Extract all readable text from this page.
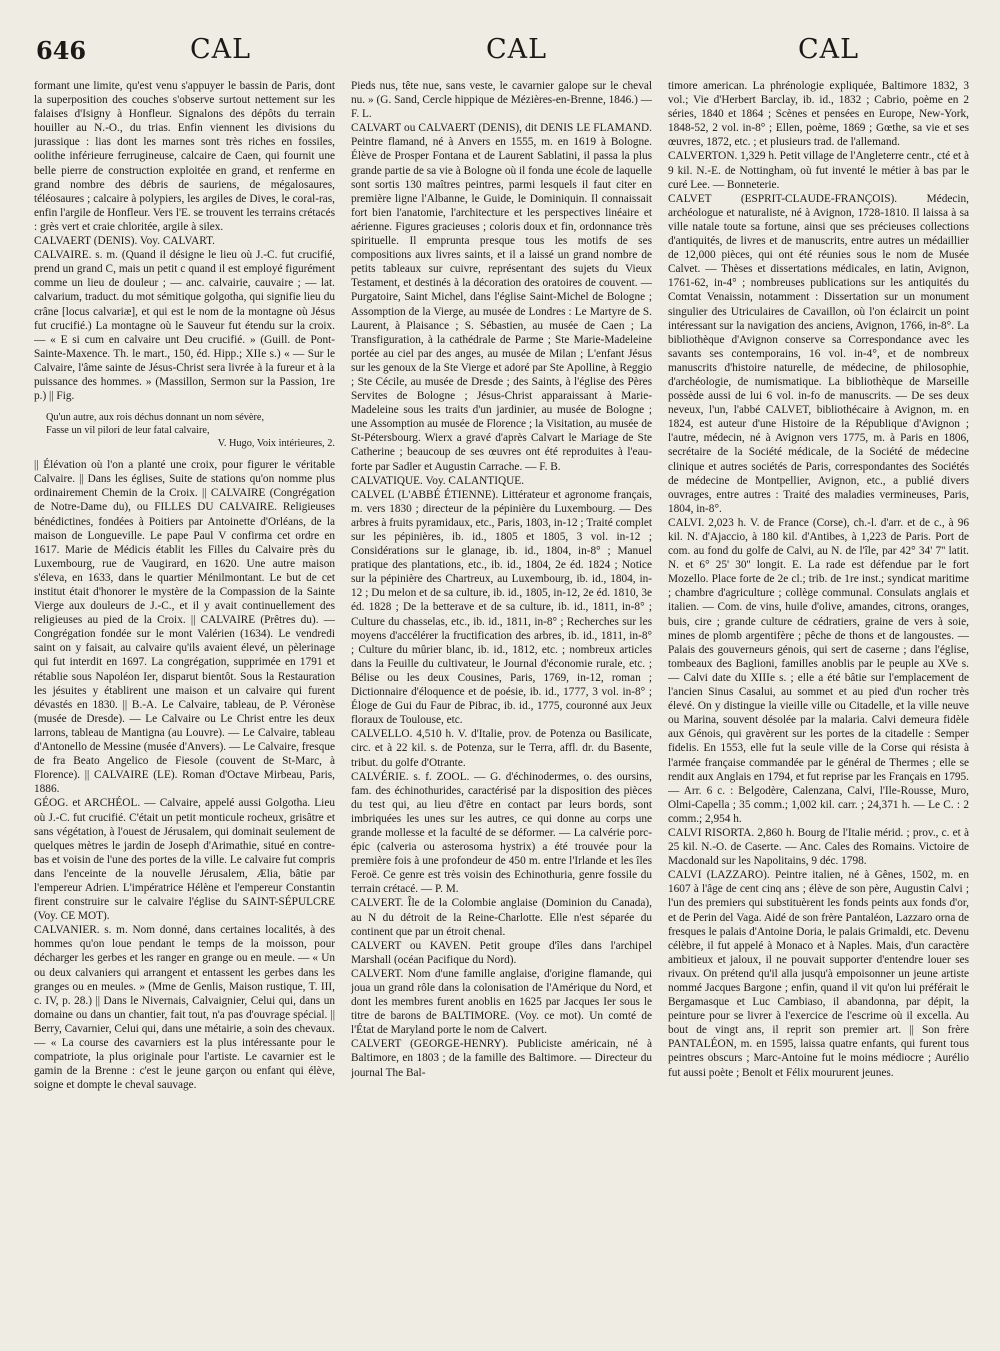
646	CAL	CAL	CAL

formant une limite, qu'est venu s'appuyer le bassin de Paris, dont la superposition des couches s'observe surtout nettement sur les falaises d'Isigny à Honfleur. Signalons des dépôts du terrain houiller au N.-O., du trias. Enfin viennent les divisions du jurassique : lias dont les marnes sont très riches en fossiles, oolithe inférieure ferrugineuse, calcaire de Caen, qui fournit une belle pierre de construction exploitée en grand, et renferme en grand nombre des débris de sauriens, de mégalosaures, téléosaures ; calcaire à polypiers, les argiles de Dives, le coral-ras, enfin l'argile de Honfleur. Vers l'E. se trouvent les terrains crétacés : grès vert et craie chloritée, argile à silex.

CALVAERT (DENIS). Voy. CALVART.

CALVAIRE. s. m. (Quand il désigne le lieu où J.-C. fut crucifié, prend un grand C, mais un petit c quand il est employé figurément comme un lieu de douleur ; — anc. calvairie, cauvaire ; — lat. calvarium, traduct. du mot sémitique golgotha, qui signifie lieu du crâne [locus calvariæ], et qui est le nom de la montagne où Jésus fut crucifié.) La montagne où le Sauveur fut étendu sur la croix. — « E si cum en calvaire unt Deu crucifié. » (Guill. de Pont-Sainte-Maxence. Th. le mart., 150, éd. Hipp.; XIIe s.) « — Sur le Calvaire, l'âme sainte de Jésus-Christ sera livrée à la fureur et à la puissance des hommes. » (Massillon, Sermon sur la Passion, 1re p.) || Fig.

Qu'un autre, aux rois déchus donnant un nom sévère,
Fasse un vil pilori de leur fatal calvaire,

V. Hugo, Voix intérieures, 2.

|| Élévation où l'on a planté une croix, pour figurer le véritable Calvaire. || Dans les églises, Suite de stations qu'on nomme plus ordinairement Chemin de la Croix. || CALVAIRE (Congrégation de Notre-Dame du), ou FILLES DU CALVAIRE. Religieuses bénédictines, fondées à Poitiers par Antoinette d'Orléans, de la maison de Longueville. Le pape Paul V confirma cet ordre en 1617. Marie de Médicis établit les Filles du Calvaire près du Luxembourg, rue de Vaugirard, en 1620. Une autre maison s'éleva, en 1633, dans le quartier Ménilmontant. Le but de cet institut était d'honorer le mystère de la Compassion de la Sainte Vierge aux douleurs de J.-C., et il y avait continuellement des religieuses au pied de la Croix. || CALVAIRE (Prêtres du). — Congrégation fondée sur le mont Valérien (1634). Le vendredi saint on y faisait, au calvaire qu'ils avaient élevé, un pèlerinage qui fut interdit en 1697. La congrégation, supprimée en 1791 et rétablie sous Napoléon Ier, disparut bientôt. Sous la Restauration les jésuites y établirent une maison et un calvaire qui furent dévastés en 1830. || B.-A. Le Calvaire, tableau, de P. Véronèse (musée de Dresde). — Le Calvaire ou Le Christ entre les deux larrons, tableau de Mantigna (au Louvre). — Le Calvaire, tableau d'Antonello de Messine (musée d'Anvers). — Le Calvaire, fresque de fra Beato Angelico de Fiesole (couvent de St-Marc, à Florence). || CALVAIRE (LE). Roman d'Octave Mirbeau, Paris, 1886.

GÉOG. et ARCHÉOL. — Calvaire, appelé aussi Golgotha. Lieu où J.-C. fut crucifié. C'était un petit monticule rocheux, grisâtre et sans végétation, à l'ouest de Jérusalem, qui dominait seulement de quelques mètres le jardin de Joseph d'Arimathie, situé en contre-bas et voisin de l'une des portes de la ville. Le calvaire fut compris dans l'enceinte de la nouvelle Jérusalem, Ælia, bâtie par l'empereur Adrien. L'impératrice Hélène et l'empereur Constantin firent construire sur le calvaire l'église du SAINT-SÉPULCRE (Voy. CE MOT).

CALVANIER. s. m. Nom donné, dans certaines localités, à des hommes qu'on loue pendant le temps de la moisson, pour décharger les gerbes et les ranger en grange ou en meule. — « Un ou deux calvaniers qui arrangent et entassent les gerbes dans les granges ou en meules. » (Mme de Genlis, Maison rustique, T. III, c. IV, p. 28.) || Dans le Nivernais, Calvaignier, Celui qui, dans un domaine ou dans un chantier, fait tout, n'a pas d'ouvrage spécial. || Berry, Cavarnier, Celui qui, dans une métairie, a soin des chevaux. — « La course des cavarniers est la plus intéressante pour le compatriote, la plus originale pour l'artiste. Le cavarnier est le gamin de la Brenne : c'est le jeune garçon ou enfant qui élève, soigne et dompte le cheval sauvage.

Pieds nus, tête nue, sans veste, le cavarnier galope sur le cheval nu. » (G. Sand, Cercle hippique de Mézières-en-Brenne, 1846.) — F. L.

CALVART ou CALVAERT (DENIS), dit DENIS LE FLAMAND. Peintre flamand, né à Anvers en 1555, m. en 1619 à Bologne. Élève de Prosper Fontana et de Laurent Sablatini, il passa la plus grande partie de sa vie à Bologne où il fonda une école de laquelle sont sortis 130 maîtres peintres, parmi lesquels il faut citer en première ligne l'Albanne, le Guide, le Dominiquin. Il connaissait fort bien l'anatomie, l'architecture et les perspectives linéaire et aérienne. Figures gracieuses ; coloris doux et fin, ordonnance très spirituelle. Il emprunta presque tous les motifs de ses compositions aux livres saints, et il a laissé un grand nombre de petits tableaux sur cuivre, représentant des sujets du Vieux Testament, et destinés à la décoration des oratoires de couvent. — Purgatoire, Saint Michel, dans l'église Saint-Michel de Bologne ; Assomption de la Vierge, au musée de Londres : Le Martyre de S. Laurent, à Plaisance ; S. Sébastien, au musée de Caen ; La Transfiguration, à la cathédrale de Parme ; Ste Marie-Madeleine portée au ciel par des anges, au musée de Milan ; L'enfant Jésus sur les genoux de la Ste Vierge et adoré par Ste Apolline, à Reggio ; Ste Cécile, au musée de Dresde ; des Saints, à l'église des Pères Servites de Bologne ; Jésus-Christ apparaissant à Marie-Madeleine sous les traits d'un jardinier, au musée de Bologne ; une Assomption au musée de Florence ; la Visitation, au musée de St-Pétersbourg. Wierx a gravé d'après Calvart le Mariage de Ste Catherine ; beaucoup de ses œuvres ont été reproduites à l'eau-forte par Sadler et Augustin Carrache. — F. B.

CALVATIQUE. Voy. CALANTIQUE.

CALVEL (L'ABBÉ ÉTIENNE). Littérateur et agronome français, m. vers 1830 ; directeur de la pépinière du Luxembourg. — Des arbres à fruits pyramidaux, etc., Paris, 1803, in-12 ; Traité complet sur les pépinières, ib. id., 1805 et 1805, 3 vol. in-12 ; Considérations sur le glanage, ib. id., 1804, in-8° ; Manuel pratique des plantations, etc., ib. id., 1804, 2e éd. 1824 ; Notice sur la pépinière des Chartreux, au Luxembourg, ib. id., 1804, in-12 ; Du melon et de sa culture, ib. id., 1805, in-12, 2e éd. 1810, 3e éd. 1828 ; De la betterave et de sa culture, ib. id., 1811, in-8° ; Culture du chasselas, etc., ib. id., 1811, in-8° ; Recherches sur les moyens d'accélérer la fructification des arbres, ib. id., 1811, in-8° ; Culture du mûrier blanc, ib. id., 1812, etc. ; nombreux articles dans la Feuille du cultivateur, le Journal d'économie rurale, etc. ; Bélise ou les deux Cousines, Paris, 1769, in-12, roman ; Dictionnaire d'éloquence et de poésie, ib. id., 1777, 3 vol. in-8° ; Éloge de Gui du Faur de Pibrac, ib. id., 1775, couronné aux Jeux floraux de Toulouse, etc.

CALVELLO. 4,510 h. V. d'Italie, prov. de Potenza ou Basilicate, circ. et à 22 kil. s. de Potenza, sur le Terra, affl. dr. du Basente, tribut. du golfe d'Otrante.

CALVÉRIE. s. f. ZOOL. — G. d'échinodermes, o. des oursins, fam. des échinothurides, caractérisé par la disposition des pièces du test qui, au lieu d'être en contact par leurs bords, sont imbriquées les unes sur les autres, ce qui donne au corps une grande mollesse et la faculté de se déformer. — La calvérie porc-épic (calveria ou asterosoma hystrix) a été trouvée pour la première fois à une profondeur de 450 m. entre l'Irlande et les îles Feroë. Ce genre est très voisin des Echinothuria, genre fossile du terrain crétacé. — P. M.

CALVERT. Île de la Colombie anglaise (Dominion du Canada), au N du détroit de la Reine-Charlotte. Elle n'est séparée du continent que par un étroit chenal.

CALVERT ou KAVEN. Petit groupe d'îles dans l'archipel Marshall (océan Pacifique du Nord).

CALVERT. Nom d'une famille anglaise, d'origine flamande, qui joua un grand rôle dans la colonisation de l'Amérique du Nord, et dont les membres furent anoblis en 1625 par Jacques Ier sous le titre de barons de BALTIMORE. (Voy. ce mot). Un comté de l'État de Maryland porte le nom de Calvert.

CALVERT (GEORGE-HENRY). Publiciste américain, né à Baltimore, en 1803 ; de la famille des Baltimore. — Directeur du journal The Bal-

timore american. La phrénologie expliquée, Baltimore 1832, 3 vol.; Vie d'Herbert Barclay, ib. id., 1832 ; Cabrio, poème en 2 séries, 1840 et 1864 ; Scènes et pensées en Europe, New-York, 1848-52, 2 vol. in-8° ; Ellen, poème, 1869 ; Gœthe, sa vie et ses œuvres, 1872, etc. ; et plusieurs trad. de l'allemand.

CALVERTON. 1,329 h. Petit village de l'Angleterre centr., cté et à 9 kil. N.-E. de Nottingham, où fut inventé le métier à bas par le curé Lee. — Bonneterie.

CALVET (ESPRIT-CLAUDE-FRANÇOIS). Médecin, archéologue et naturaliste, né à Avignon, 1728-1810. Il laissa à sa ville natale toute sa fortune, ainsi que ses précieuses collections d'antiquités, de livres et de manuscrits, entre autres un médaillier de 12,000 pièces, qui ont été réunies sous le nom de Musée Calvet. — Thèses et dissertations médicales, en latin, Avignon, 1761-62, in-4° ; nombreuses publications sur les antiquités du Comtat Venaissin, notamment : Dissertation sur un monument singulier des Utriculaires de Cavaillon, où l'on éclaircit un point intéressant sur la navigation des anciens, Avignon, 1766, in-8°. La bibliothèque d'Avignon conserve sa Correspondance avec les savants ses contemporains, 16 vol. in-4°, et de nombreux manuscrits d'histoire naturelle, de médecine, de philosophie, d'archéologie, de numismatique. La bibliothèque de Marseille possède aussi de lui 6 vol. in-fo de manuscrits. — De ses deux neveux, l'un, l'abbé CALVET, bibliothécaire à Avignon, m. en 1824, est auteur d'une Histoire de la République d'Avignon ; l'autre, médecin, né à Avignon vers 1775, m. à Paris en 1806, secrétaire de la Société médicale, de la Société de médecine clinique et autres sociétés de Paris, correspondantes des Sociétés de médecine de Montpellier, Avignon, etc., a publié divers ouvrages, entre autres : Traité des maladies vermineuses, Paris, 1804, in-8°.

CALVI. 2,023 h. V. de France (Corse), ch.-l. d'arr. et de c., à 96 kil. N. d'Ajaccio, à 180 kil. d'Antibes, à 1,223 de Paris. Port de com. au fond du golfe de Calvi, au N. de l'île, par 42° 34' 7'' latit. N. et 6° 25' 30'' longit. E. La rade est défendue par le fort Mozello. Place forte de 2e cl.; trib. de 1re inst.; syndicat maritime ; chambre d'agriculture ; collège communal. Consulats anglais et italien. — Com. de vins, huile d'olive, amandes, citrons, oranges, buis, cire ; grande culture de cédratiers, graine de vers à soie, mines de plomb argentifère ; pêche de thons et de langoustes. — Palais des gouverneurs génois, qui sert de caserne ; dans l'église, tombeaux des Baglioni, familles anoblis par le peuple au XVe s. — Calvi date du XIIIe s. ; elle a été bâtie sur l'emplacement de l'ancien Sinus Casalui, au sommet et au pied d'un rocher très élevé. On y distingue la vieille ville ou Citadelle, et la ville neuve ou Marina, souvent désolée par la malaria. Calvi demeura fidèle aux Génois, qui gravèrent sur les portes de la citadelle : Semper fidelis. En 1553, elle fut la seule ville de la Corse qui résista à l'armée française commandée par le général de Thermes ; elle se rendit aux Anglais en 1794, et fut reprise par les Français en 1795. — Arr. 6 c. : Belgodère, Calenzana, Calvi, l'Ile-Rousse, Muro, Olmi-Capella ; 35 comm.; 1,002 kil. carr. ; 24,371 h. — Le C. : 2 comm.; 2,954 h.

CALVI RISORTA. 2,860 h. Bourg de l'Italie mérid. ; prov., c. et à 25 kil. N.-O. de Caserte. — Anc. Cales des Romains. Victoire de Macdonald sur les Napolitains, 9 déc. 1798.

CALVI (LAZZARO). Peintre italien, né à Gênes, 1502, m. en 1607 à l'âge de cent cinq ans ; élève de son père, Augustin Calvi ; l'un des premiers qui substituèrent les fonds peints aux fonds d'or, et de Perin del Vaga. Aidé de son frère Pantaléon, Lazzaro orna de fresques le palais d'Antoine Doria, le palais Grimaldi, etc. Devenu célèbre, il fut appelé à Monaco et à Naples. Mais, d'un caractère ambitieux et jaloux, il ne pouvait supporter d'entendre louer ses rivaux. On prétend qu'il alla jusqu'à empoisonner un jeune artiste nommé Jacques Bargone ; enfin, quand il vit qu'on lui préférait le Bergamasque et Luc Cambiaso, il abandonna, par dépit, la peinture pour se livrer à l'exercice de l'escrime où il excella. Au bout de vingt ans, il reprit son premier art. || Son frère PANTALÉON, m. en 1595, laissa quatre enfants, qui furent tous peintres obscurs ; Marc-Antoine fut le moins médiocre ; Aurélio fut aussi poète ; Benolt et Félix moururent jeunes.
